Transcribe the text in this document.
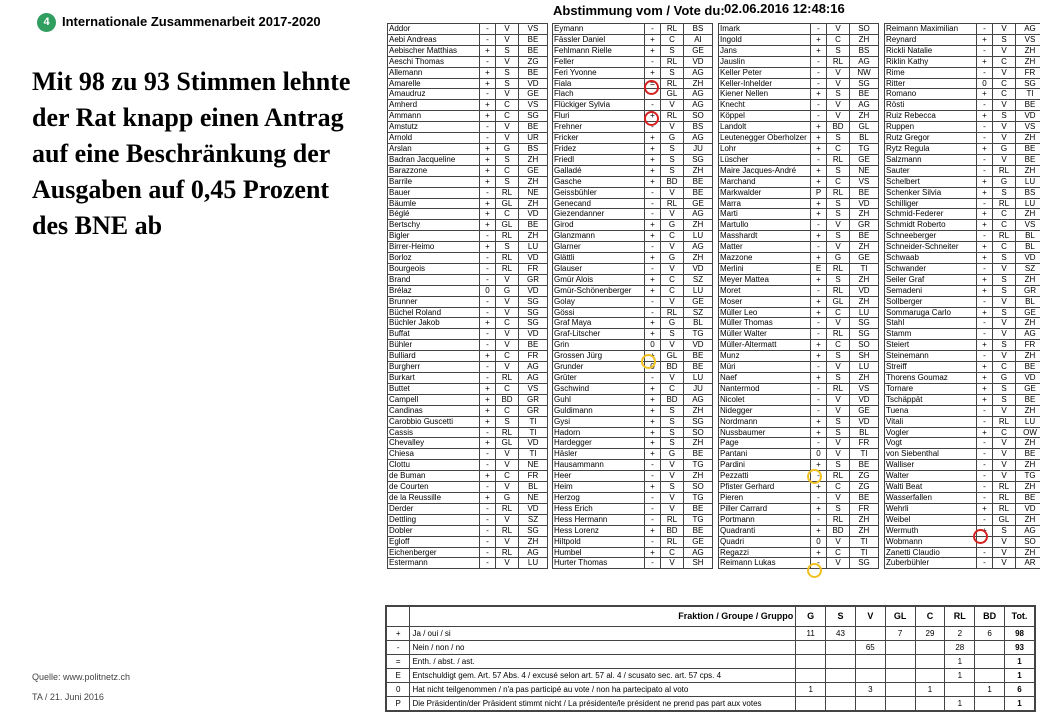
4 Internationale Zusammenarbeit 2017-2020
Mit 98 zu 93 Stimmen lehnte der Rat knapp einen Antrag auf eine Beschränkung der Ausgaben auf 0,45 Prozent des BNE ab
Quelle: www.politnetz.ch
TA / 21. Juni 2016
Abstimmung vom / Vote du: 02.06.2016 12:48:16
Addor	-	V	VS
Aebi Andreas	-	V	BE
Aebischer Matthias	+	S	BE
Aeschi Thomas	-	V	ZG
Allemann	+	S	BE
Amarelle	+	S	VD
Amaudruz	-	V	GE
Amherd	+	C	VS
Ammann	+	C	SG
Amstutz	-	V	BE
Arnold	-	V	UR
Arslan	+	G	BS
Badran Jacqueline	+	S	ZH
Barazzone	+	C	GE
Barrile	+	S	ZH
Bauer	-	RL	NE
Bäumle	+	GL	ZH
Béglé	+	C	VD
Bertschy	+	GL	BE
Bigler	-	RL	ZH
Birrer-Heimo	+	S	LU
Borloz	-	RL	VD
Bourgeois	-	RL	FR
Brand	-	V	GR
Brélaz	0	G	VD
Brunner	-	V	SG
Büchel Roland	-	V	SG
Büchler Jakob	+	C	SG
Buffat	-	V	VD
Bühler	-	V	BE
Bulliard	+	C	FR
Burgherr	-	V	AG
Burkart	-	RL	AG
Buttet	+	C	VS
Campell	+	BD	GR
Candinas	+	C	GR
Carobbio Guscetti	+	S	TI
Cassis	-	RL	TI
Chevalley	+	GL	VD
Chiesa	-	V	TI
Clottu	-	V	NE
de Buman	+	C	FR
de Courten	-	V	BL
de la Reussille	+	G	NE
Derder	-	RL	VD
Dettling	-	V	SZ
Dobler	-	RL	SG
Egloff	-	V	ZH
Eichenberger	-	RL	AG
Estermann	-	V	LU
Eymann	-	RL	BS
Fässler Daniel	+	C	AI
Fehlmann Rielle	+	S	GE
Feller	-	RL	VD
Feri Yvonne	+	S	AG
Fiala	=	RL	ZH
Flach	-	GL	AG
Flückiger Sylvia	-	V	AG
Fluri	+	RL	SO
Frehner	-	V	BS
Fricker	+	G	AG
Fridez	+	S	JU
Friedl	+	S	SG
Galladé	+	S	ZH
Gasche	+	BD	BE
Geissbühler	-	V	BE
Genecand	-	RL	GE
Giezendanner	-	V	AG
Girod	+	G	ZH
Glanzmann	+	C	LU
Glarner	-	V	AG
Glättli	+	G	ZH
Glauser	-	V	VD
Gmür Alois	+	C	SZ
Gmür-Schönenberger	+	C	LU
Golay	-	V	GE
Gössi	-	RL	SZ
Graf Maya	+	G	BL
Graf-Litscher	+	S	TG
Grin	0	V	VD
Grossen Jürg	+	GL	BE
Grunder	0	BD	BE
Grüter	-	V	LU
Gschwind	+	C	JU
Guhl	+	BD	AG
Guldimann	+	S	ZH
Gysi	+	S	SG
Hadorn	+	S	SO
Hardegger	+	S	ZH
Häsler	+	G	BE
Hausammann	-	V	TG
Heer	-	V	ZH
Heim	+	S	SO
Herzog	-	V	TG
Hess Erich	-	V	BE
Hess Hermann	-	RL	TG
Hess Lorenz	+	BD	BE
Hiltpold	-	RL	GE
Humbel	+	C	AG
Hurter Thomas	-	V	SH
Imark	-	V	SO
Ingold	+	C	ZH
Jans	+	S	BS
Jauslin	-	RL	AG
Keller Peter	-	V	NW
Keller-Inhelder	-	V	SG
Kiener Nellen	+	S	BE
Knecht	-	V	AG
Köppel	-	V	ZH
Landolt	+	BD	GL
Leutenegger Oberholzer	+	S	BL
Lohr	+	C	TG
Lüscher	-	RL	GE
Maire Jacques-André	+	S	NE
Marchand	+	C	VS
Markwalder	P	RL	BE
Marra	+	S	VD
Marti	+	S	ZH
Martullo	-	V	GR
Masshardt	+	S	BE
Matter	-	V	ZH
Mazzone	+	G	GE
Merlini	E	RL	TI
Meyer Mattea	+	S	ZH
Moret	-	RL	VD
Moser	+	GL	ZH
Müller Leo	+	C	LU
Müller Thomas	-	V	SG
Müller Walter	-	RL	SG
Müller-Altermatt	+	C	SO
Munz	+	S	SH
Müri	-	V	LU
Naef	+	S	ZH
Nantermod	-	RL	VS
Nicolet	-	V	VD
Nidegger	-	V	GE
Nordmann	+	S	VD
Nussbaumer	+	S	BL
Page	-	V	FR
Pantani	0	V	TI
Pardini	+	S	BE
Pezzatti	-	RL	ZG
Pfister Gerhard	+	C	ZG
Pieren	-	V	BE
Piller Carrard	+	S	FR
Portmann	-	RL	ZH
Quadranti	+	BD	ZH
Quadri	0	V	TI
Regazzi	+	C	TI
Reimann Lukas	-	V	SG
Reimann Maximilian	-	V	AG
Reynard	+	S	VS
Rickli Natalie	-	V	ZH
Riklin Kathy	+	C	ZH
Rime	-	V	FR
Ritter	0	C	SG
Romano	+	C	TI
Rösti	-	V	BE
Ruiz Rebecca	+	S	VD
Ruppen	-	V	VS
Rutz Gregor	-	V	ZH
Rytz Regula	+	G	BE
Salzmann	-	V	BE
Sauter	-	RL	ZH
Schelbert	+	G	LU
Schenker Silvia	+	S	BS
Schilliger	-	RL	LU
Schmid-Federer	+	C	ZH
Schmidt Roberto	+	C	VS
Schneeberger	-	RL	BL
Schneider-Schneiter	+	C	BL
Schwaab	+	S	VD
Schwander	-	V	SZ
Seiler Graf	+	S	ZH
Semadeni	+	S	GR
Sollberger	-	V	BL
Sommaruga Carlo	+	S	GE
Stahl	-	V	ZH
Stamm	-	V	AG
Steiert	+	S	FR
Steinemann	-	V	ZH
Streiff	+	C	BE
Thorens Goumaz	+	G	VD
Tornare	+	S	GE
Tschäppät	+	S	BE
Tuena	-	V	ZH
Vitali	-	RL	LU
Vogler	+	C	OW
Vogt	-	V	ZH
von Siebenthal	-	V	BE
Walliser	-	V	ZH
Walter	-	V	TG
Walti Beat	-	RL	ZH
Wasserfallen	-	RL	BE
Wehrli	+	RL	VD
Weibel	-	GL	ZH
Wermuth	+	S	AG
Wobmann	-	V	SO
Zanetti Claudio	-	V	ZH
Zuberbühler	-	V	AR
	Fraktion / Groupe / Gruppo	G	S	V	GL	C	RL	BD	Tot.
+	Ja / oui / si	11	43		7	29	2	6	98
-	Nein / non / no			65			28		93
=	Enth. / abst. / ast.						1		1
E	Entschuldigt gem. Art. 57 Abs. 4 / excusé selon art. 57 al. 4 / scusato sec. art. 57 cps. 4						1		1
0	Hat nicht teilgenommen / n'a pas participé au vote / non ha partecipato al voto	1		3		1		1	6
P	Die Präsidentin/der Präsident stimmt nicht / La présidente/le président ne prend pas part aux votes						1		1
